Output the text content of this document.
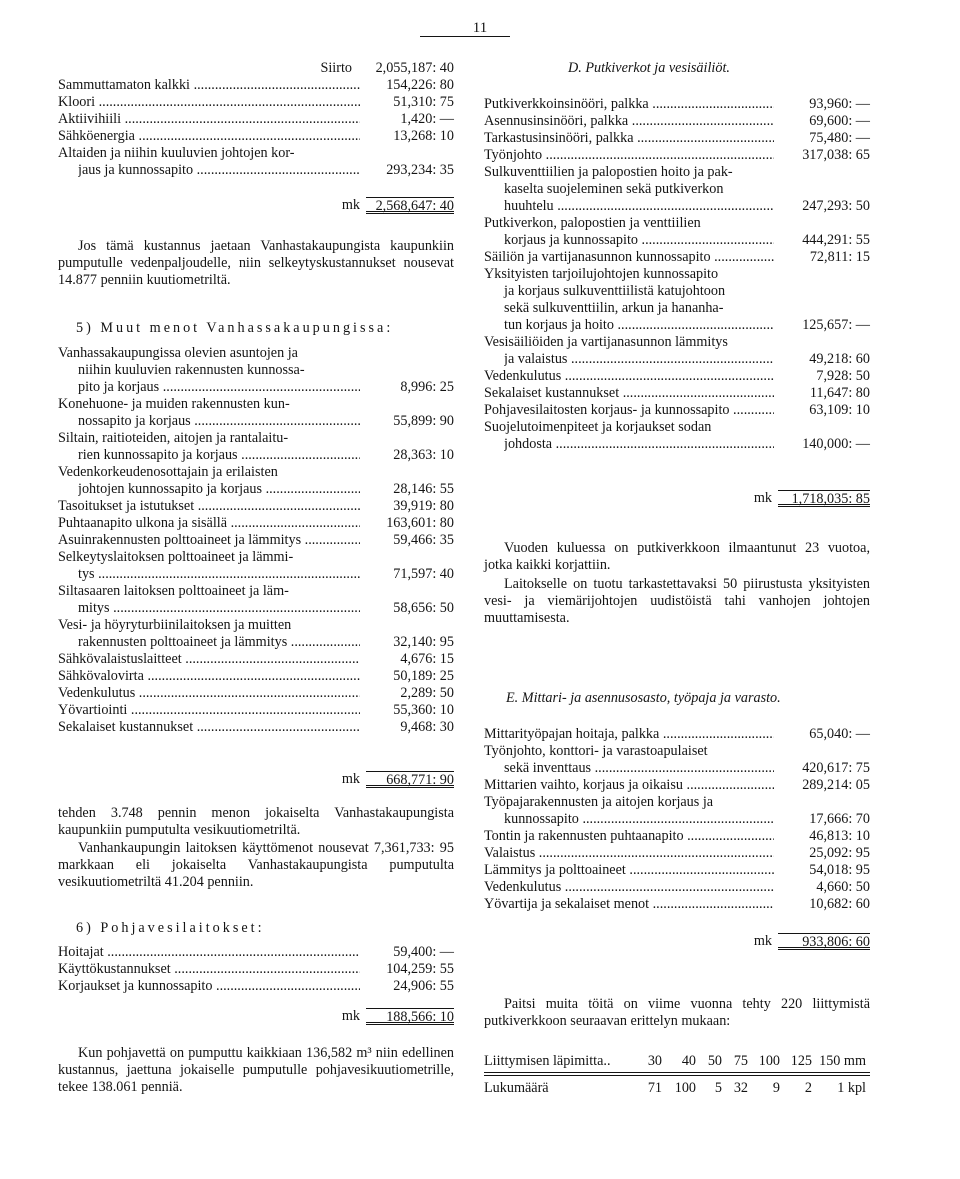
11
Siirto	2,055,187: 40
Sammuttamaton kalkki .....	154,226: 80
Kloori .....	51,310: 75
Aktiivihiili .....	1,420: —
Sähköenergia .....	13,268: 10
Altaiden ja niihin kuuluvien johtojen kor-
jaus ja kunnossapito .....	293,234: 35
mk	2,568,647: 40
Jos tämä kustannus jaetaan Vanhastakaupungista kaupunkiin pumputulle vedenpaljoudelle, niin selkeytyskustannukset nousevat 14.877 penniin kuutiometriltä.
5) Muut menot Vanhassakaupungissa:
Vanhassakaupungissa olevien asuntojen ja
niihin kuuluvien rakennusten kunnossa-
pito ja korjaus .....	8,996: 25
Konehuone- ja muiden rakennusten kun-
nossapito ja korjaus .....	55,899: 90
Siltain, raitioteiden, aitojen ja rantalaitu-
rien kunnossapito ja korjaus .....	28,363: 10
Vedenkorkeudenosottajain ja erilaisten
johtojen kunnossapito ja korjaus .....	28,146: 55
Tasoitukset ja istutukset .....	39,919: 80
Puhtaanapito ulkona ja sisällä .....	163,601: 80
Asuinrakennusten polttoaineet ja lämmitys .....	59,466: 35
Selkeytyslaitoksen polttoaineet ja lämmi-
tys .....	71,597: 40
Siltasaaren laitoksen polttoaineet ja läm-
mitys .....	58,656: 50
Vesi- ja höyryturbiinilaitoksen ja muitten
rakennusten polttoaineet ja lämmitys .....	32,140: 95
Sähkövalaistuslaitteet .....	4,676: 15
Sähkövalovirta .....	50,189: 25
Vedenkulutus .....	2,289: 50
Yövartiointi .....	55,360: 10
Sekalaiset kustannukset .....	9,468: 30
mk	668,771: 90
tehden 3.748 pennin menon jokaiselta Vanhastakaupungista kaupunkiin pumputulta vesikuutiometriltä.
Vanhankaupungin laitoksen käyttömenot nousevat 7,361,733: 95 markkaan eli jokaiselta Vanhastakaupungista pumputulta vesikuutiometriltä 41.204 penniin.
6) Pohjavesilaitokset:
Hoitajat .....	59,400: —
Käyttökustannukset .....	104,259: 55
Korjaukset ja kunnossapito .....	24,906: 55
mk	188,566: 10
Kun pohjavettä on pumputtu kaikkiaan 136,582 m³ niin edellinen kustannus, jaettuna jokaiselle pumputulle pohjavesikuutiometrille, tekee 138.061 penniä.
D. Putkiverkot ja vesisäiliöt.
Putkiverkkoinsinööri, palkka .....	93,960: —
Asennusinsinööri, palkka .....	69,600: —
Tarkastusinsinööri, palkka .....	75,480: —
Työnjohto .....	317,038: 65
Sulkuventtiilien ja palopostien hoito ja pak-
kaselta suojeleminen sekä putkiverkon
huuhtelu .....	247,293: 50
Putkiverkon, palopostien ja venttiilien
korjaus ja kunnossapito .....	444,291: 55
Säiliön ja vartijanasunnon kunnossapito .....	72,811: 15
Yksityisten tarjoilujohtojen kunnossapito
ja korjaus sulkuventtiilistä katujohtoon
sekä sulkuventtiilin, arkun ja hananha-
tun korjaus ja hoito .....	125,657: —
Vesisäiliöiden ja vartijanasunnon lämmitys
ja valaistus .....	49,218: 60
Vedenkulutus .....	7,928: 50
Sekalaiset kustannukset .....	11,647: 80
Pohjavesilaitosten korjaus- ja kunnossapito .....	63,109: 10
Suojelutoimenpiteet ja korjaukset sodan
johdosta .....	140,000: —
mk	1,718,035: 85
Vuoden kuluessa on putkiverkkoon ilmaantunut 23 vuotoa, jotka kaikki korjattiin.
Laitokselle on tuotu tarkastettavaksi 50 piirustusta yksityisten vesi- ja viemärijohtojen uudistöistä tahi vanhojen johtojen muuttamisesta.
E. Mittari- ja asennusosasto, työpaja ja varasto.
Mittarityöpajan hoitaja, palkka .....	65,040: —
Työnjohto, konttori- ja varastoapulaiset
sekä inventtaus .....	420,617: 75
Mittarien vaihto, korjaus ja oikaisu .....	289,214: 05
Työpajarakennusten ja aitojen korjaus ja
kunnossapito .....	17,666: 70
Tontin ja rakennusten puhtaanapito .....	46,813: 10
Valaistus .....	25,092: 95
Lämmitys ja polttoaineet .....	54,018: 95
Vedenkulutus .....	4,660: 50
Yövartija ja sekalaiset menot .....	10,682: 60
mk	933,806: 60
Paitsi muita töitä on viime vuonna tehty 220 liittymistä putkiverkkoon seuraavan erittelyn mukaan:
Liittymisen läpimitta..	30	40 50 75 100 125 150 mm
Lukumäärä	71 100	5 32	9	2	1 kpl
